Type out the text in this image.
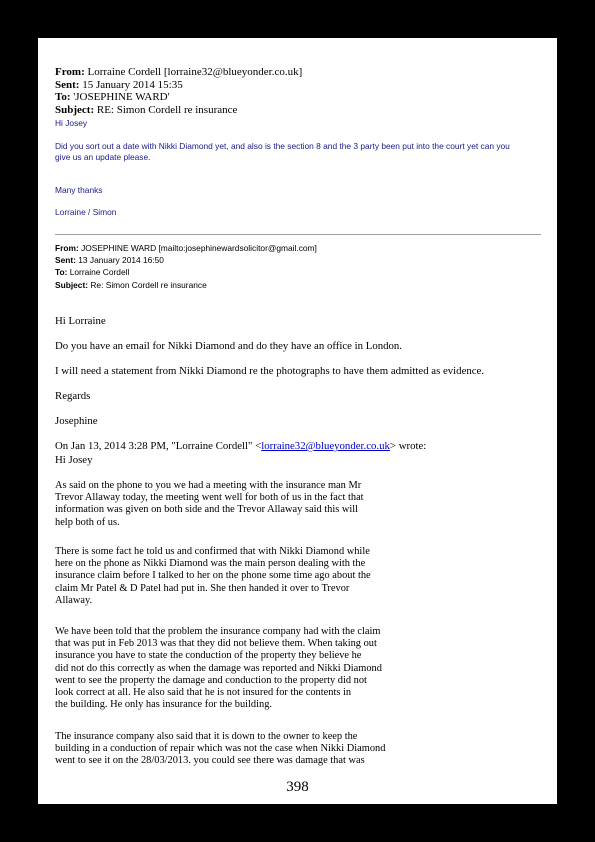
From: Lorraine Cordell [lorraine32@blueyonder.co.uk]
Sent: 15 January 2014 15:35
To: 'JOSEPHINE WARD'
Subject: RE: Simon Cordell re insurance
Hi Josey
Did you sort out a date with Nikki Diamond yet, and also is the section 8 and the 3 party been put into the court yet can you give us an update please.
Many thanks
Lorraine / Simon
From: JOSEPHINE WARD [mailto:josephinewardsolicitor@gmail.com]
Sent: 13 January 2014 16:50
To: Lorraine Cordell
Subject: Re: Simon Cordell re insurance
Hi Lorraine
Do you have an email for Nikki Diamond and do they have an office in London.
I will need a statement from Nikki Diamond re the photographs to have them admitted as evidence.
Regards
Josephine
On Jan 13, 2014 3:28 PM, "Lorraine Cordell" <lorraine32@blueyonder.co.uk> wrote:
Hi Josey
As said on the phone to you we had a meeting with the insurance man Mr
Trevor Allaway today, the meeting went well for both of us in the fact that
information was given on both side and the Trevor Allaway said this will
help both of us.
There is some fact he told us and confirmed that with Nikki Diamond while
here on the phone as Nikki Diamond was the main person dealing with the
insurance claim before I talked to her on the phone some time ago about the
claim Mr Patel & D Patel had put in. She then handed it over to Trevor
Allaway.
We have been told that the problem the insurance company had with the claim
that was put in Feb 2013 was that they did not believe them. When taking out
insurance you have to state the conduction of the property they believe he
did not do this correctly as when the damage was reported and Nikki Diamond
went to see the property the damage and conduction to the property did not
look correct at all. He also said that he is not insured for the contents in
the building. He only has insurance for the building.
The insurance company also said that it is down to the owner to keep the
building in a conduction of repair which was not the case when Nikki Diamond
went to see it on the 28/03/2013. you could see there was damage that was
398
